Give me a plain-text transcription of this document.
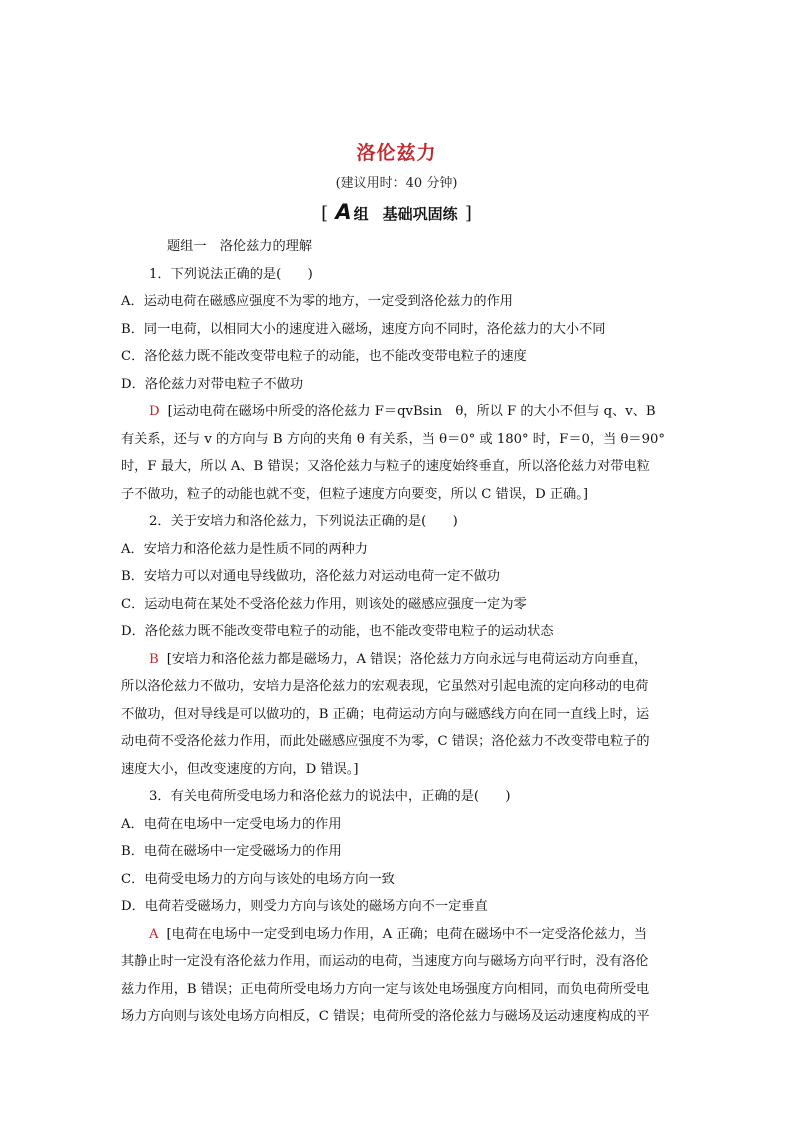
洛伦兹力
(建议用时：40 分钟)
[ A 组 基础巩固练 ]
题组一　洛伦兹力的理解
1．下列说法正确的是(　　)
A．运动电荷在磁感应强度不为零的地方，一定受到洛伦兹力的作用
B．同一电荷，以相同大小的速度进入磁场，速度方向不同时，洛伦兹力的大小不同
C．洛伦兹力既不能改变带电粒子的动能，也不能改变带电粒子的速度
D．洛伦兹力对带电粒子不做功
D [运动电荷在磁场中所受的洛伦兹力 F＝qvBsin　θ，所以 F 的大小不但与 q、v、B
有关系，还与 v 的方向与 B 方向的夹角 θ 有关系，当 θ＝0° 或 180° 时，F＝0，当 θ＝90°
时，F 最大，所以 A、B 错误；又洛伦兹力与粒子的速度始终垂直，所以洛伦兹力对带电粒
子不做功，粒子的动能也就不变，但粒子速度方向要变，所以 C 错误，D 正确。]
2．关于安培力和洛伦兹力，下列说法正确的是(　　)
A．安培力和洛伦兹力是性质不同的两种力
B．安培力可以对通电导线做功，洛伦兹力对运动电荷一定不做功
C．运动电荷在某处不受洛伦兹力作用，则该处的磁感应强度一定为零
D．洛伦兹力既不能改变带电粒子的动能，也不能改变带电粒子的运动状态
B [安培力和洛伦兹力都是磁场力，A 错误；洛伦兹力方向永远与电荷运动方向垂直，
所以洛伦兹力不做功，安培力是洛伦兹力的宏观表现，它虽然对引起电流的定向移动的电荷
不做功，但对导线是可以做功的，B 正确；电荷运动方向与磁感线方向在同一直线上时，运
动电荷不受洛伦兹力作用，而此处磁感应强度不为零，C 错误；洛伦兹力不改变带电粒子的
速度大小，但改变速度的方向，D 错误。]
3．有关电荷所受电场力和洛伦兹力的说法中，正确的是(　　)
A．电荷在电场中一定受电场力的作用
B．电荷在磁场中一定受磁场力的作用
C．电荷受电场力的方向与该处的电场方向一致
D．电荷若受磁场力，则受力方向与该处的磁场方向不一定垂直
A [电荷在电场中一定受到电场力作用，A 正确；电荷在磁场中不一定受洛伦兹力，当
其静止时一定没有洛伦兹力作用，而运动的电荷，当速度方向与磁场方向平行时，没有洛伦
兹力作用，B 错误；正电荷所受电场力方向一定与该处电场强度方向相同，而负电荷所受电
场力方向则与该处电场方向相反，C 错误；电荷所受的洛伦兹力与磁场及运动速度构成的平
